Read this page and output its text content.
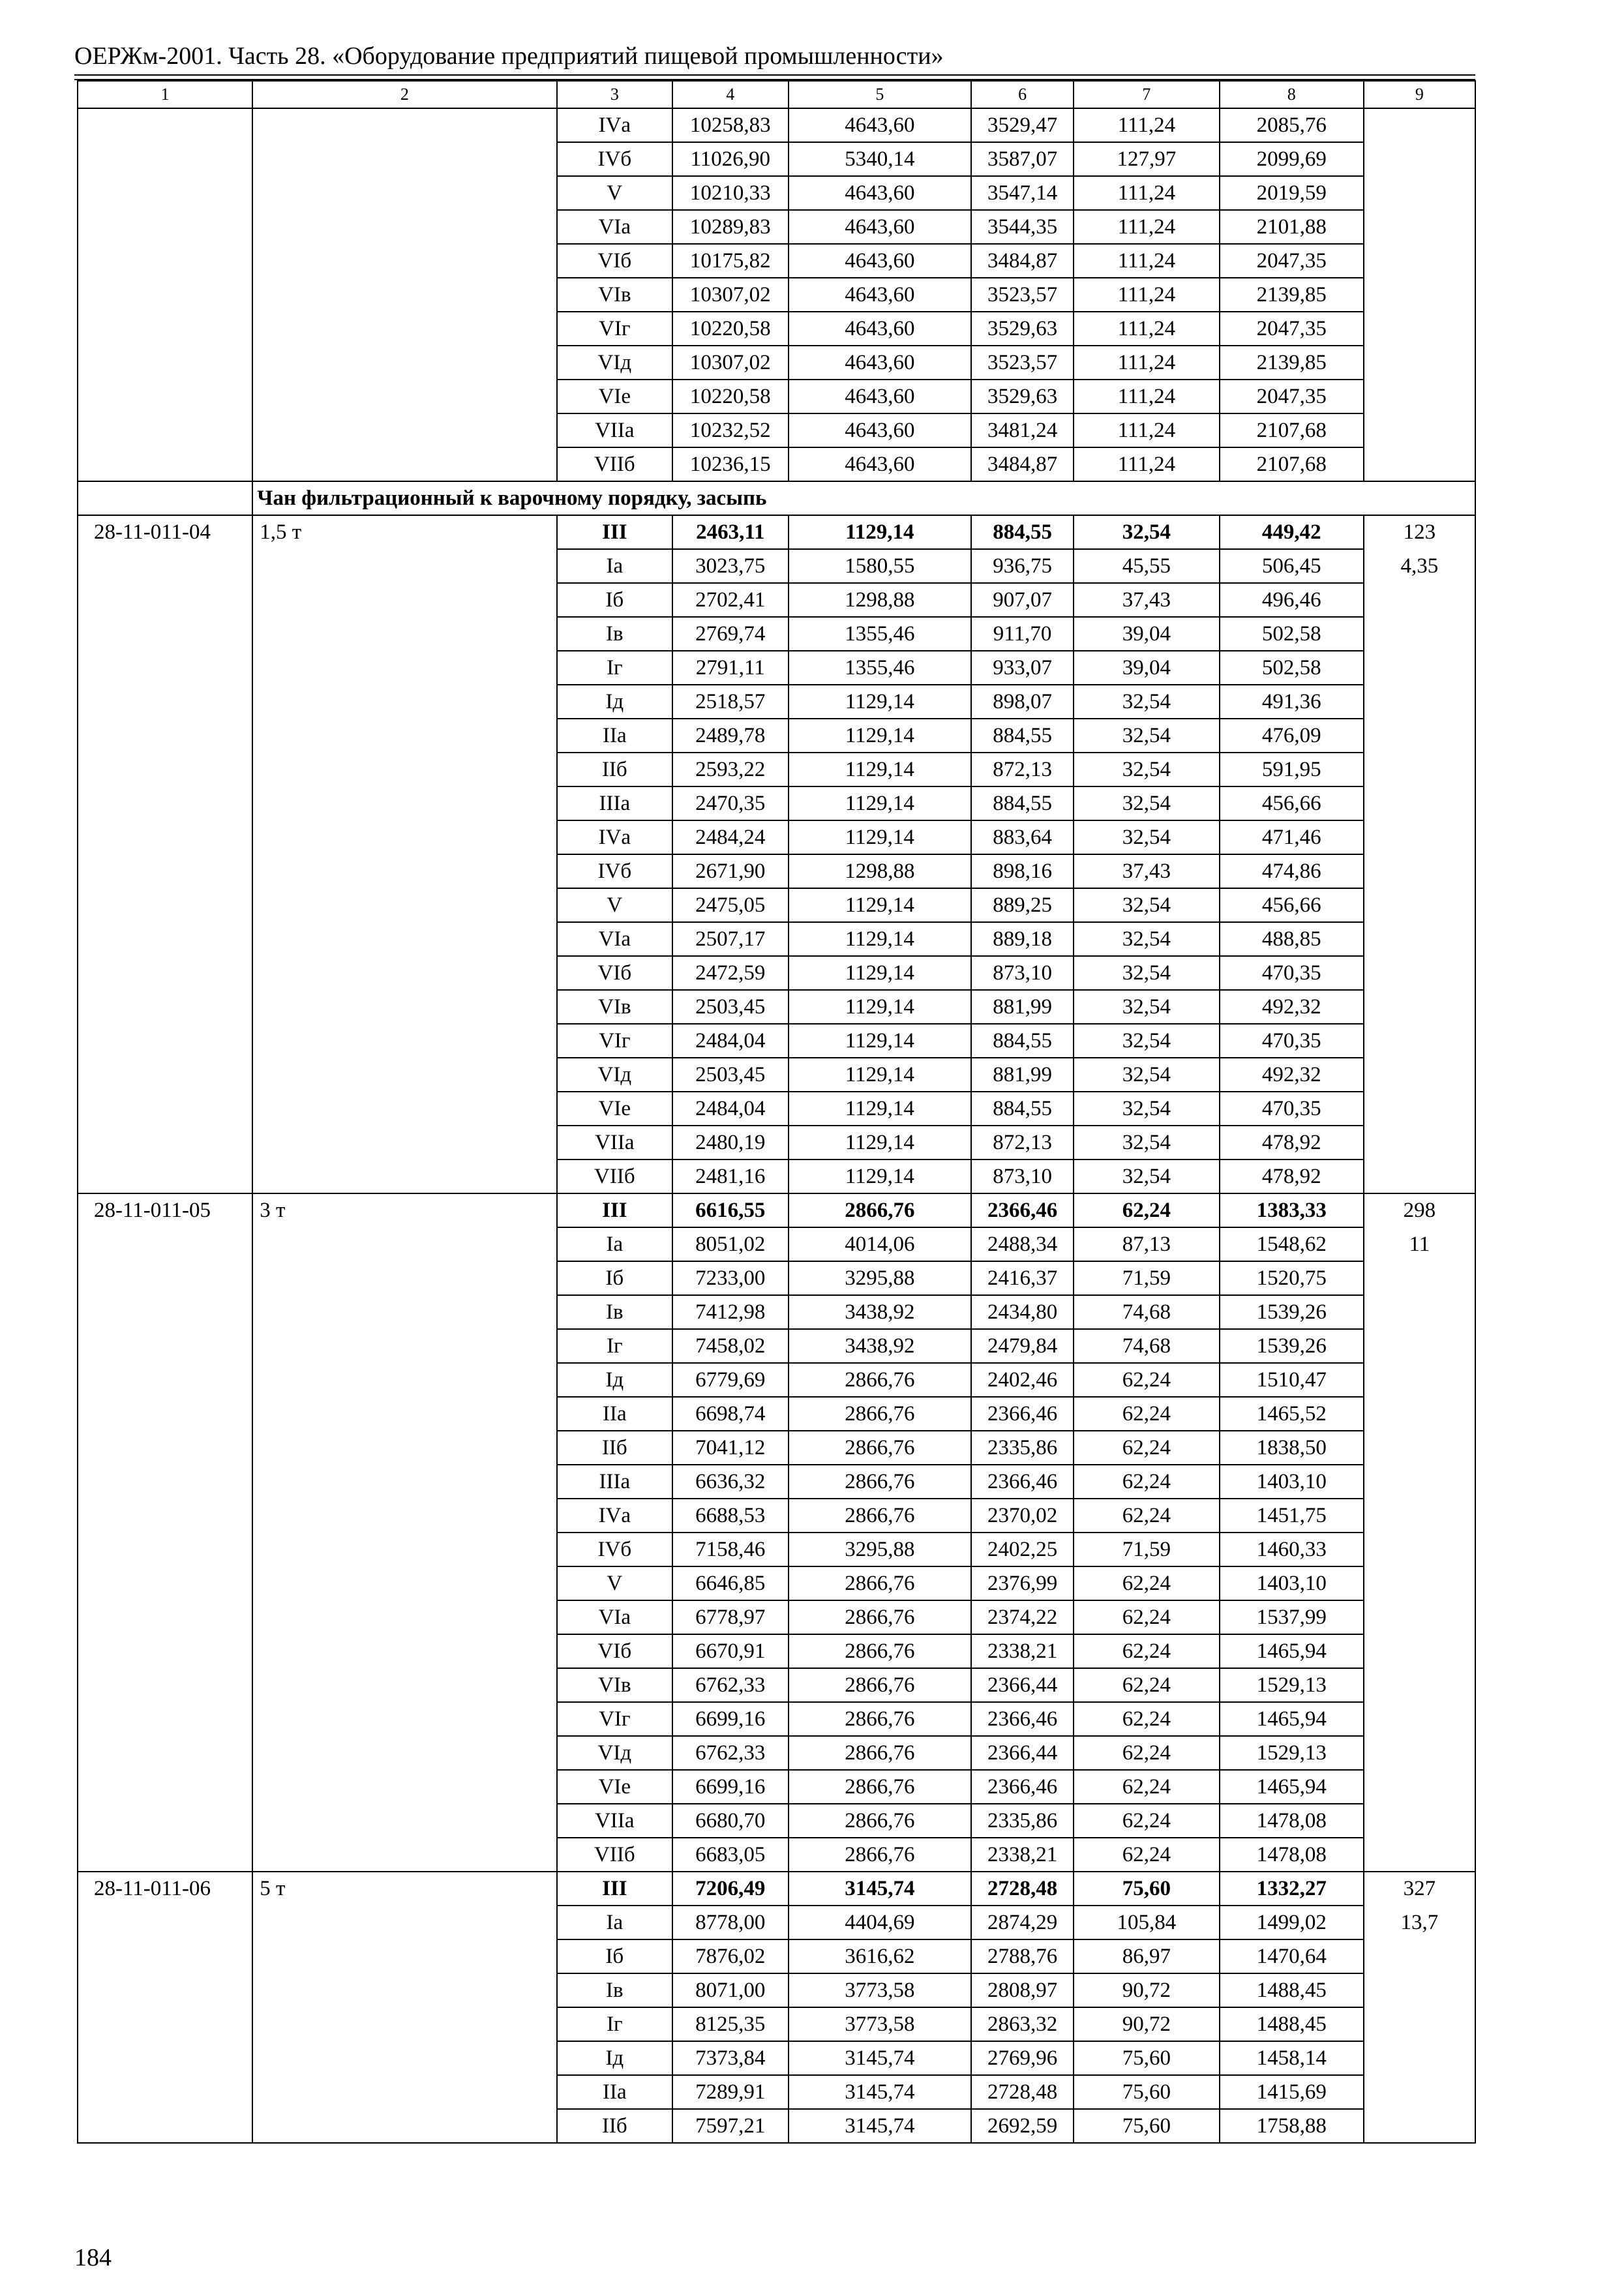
ОЕРЖм-2001. Часть 28. «Оборудование предприятий пищевой промышленности»
1	2	3	4	5	6	7	8	9
		IVа	10258,83	4643,60	3529,47	111,24	2085,76	
		IVб	11026,90	5340,14	3587,07	127,97	2099,69	
		V	10210,33	4643,60	3547,14	111,24	2019,59	
		VIа	10289,83	4643,60	3544,35	111,24	2101,88	
		VIб	10175,82	4643,60	3484,87	111,24	2047,35	
		VIв	10307,02	4643,60	3523,57	111,24	2139,85	
		VIг	10220,58	4643,60	3529,63	111,24	2047,35	
		VIд	10307,02	4643,60	3523,57	111,24	2139,85	
		VIе	10220,58	4643,60	3529,63	111,24	2047,35	
		VIIа	10232,52	4643,60	3481,24	111,24	2107,68	
		VIIб	10236,15	4643,60	3484,87	111,24	2107,68	
	Чан фильтрационный к варочному порядку, засыпь							
28-11-011-04	1,5 т	III	2463,11	1129,14	884,55	32,54	449,42	123
		Iа	3023,75	1580,55	936,75	45,55	506,45	4,35
		Iб	2702,41	1298,88	907,07	37,43	496,46	
		Iв	2769,74	1355,46	911,70	39,04	502,58	
		Iг	2791,11	1355,46	933,07	39,04	502,58	
		Iд	2518,57	1129,14	898,07	32,54	491,36	
		IIа	2489,78	1129,14	884,55	32,54	476,09	
		IIб	2593,22	1129,14	872,13	32,54	591,95	
		IIIа	2470,35	1129,14	884,55	32,54	456,66	
		IVа	2484,24	1129,14	883,64	32,54	471,46	
		IVб	2671,90	1298,88	898,16	37,43	474,86	
		V	2475,05	1129,14	889,25	32,54	456,66	
		VIа	2507,17	1129,14	889,18	32,54	488,85	
		VIб	2472,59	1129,14	873,10	32,54	470,35	
		VIв	2503,45	1129,14	881,99	32,54	492,32	
		VIг	2484,04	1129,14	884,55	32,54	470,35	
		VIд	2503,45	1129,14	881,99	32,54	492,32	
		VIе	2484,04	1129,14	884,55	32,54	470,35	
		VIIа	2480,19	1129,14	872,13	32,54	478,92	
		VIIб	2481,16	1129,14	873,10	32,54	478,92	
28-11-011-05	3 т	III	6616,55	2866,76	2366,46	62,24	1383,33	298
		Iа	8051,02	4014,06	2488,34	87,13	1548,62	11
		Iб	7233,00	3295,88	2416,37	71,59	1520,75	
		Iв	7412,98	3438,92	2434,80	74,68	1539,26	
		Iг	7458,02	3438,92	2479,84	74,68	1539,26	
		Iд	6779,69	2866,76	2402,46	62,24	1510,47	
		IIа	6698,74	2866,76	2366,46	62,24	1465,52	
		IIб	7041,12	2866,76	2335,86	62,24	1838,50	
		IIIа	6636,32	2866,76	2366,46	62,24	1403,10	
		IVа	6688,53	2866,76	2370,02	62,24	1451,75	
		IVб	7158,46	3295,88	2402,25	71,59	1460,33	
		V	6646,85	2866,76	2376,99	62,24	1403,10	
		VIа	6778,97	2866,76	2374,22	62,24	1537,99	
		VIб	6670,91	2866,76	2338,21	62,24	1465,94	
		VIв	6762,33	2866,76	2366,44	62,24	1529,13	
		VIг	6699,16	2866,76	2366,46	62,24	1465,94	
		VIд	6762,33	2866,76	2366,44	62,24	1529,13	
		VIе	6699,16	2866,76	2366,46	62,24	1465,94	
		VIIа	6680,70	2866,76	2335,86	62,24	1478,08	
		VIIб	6683,05	2866,76	2338,21	62,24	1478,08	
28-11-011-06	5 т	III	7206,49	3145,74	2728,48	75,60	1332,27	327
		Iа	8778,00	4404,69	2874,29	105,84	1499,02	13,7
		Iб	7876,02	3616,62	2788,76	86,97	1470,64	
		Iв	8071,00	3773,58	2808,97	90,72	1488,45	
		Iг	8125,35	3773,58	2863,32	90,72	1488,45	
		Iд	7373,84	3145,74	2769,96	75,60	1458,14	
		IIа	7289,91	3145,74	2728,48	75,60	1415,69	
		IIб	7597,21	3145,74	2692,59	75,60	1758,88	
184
